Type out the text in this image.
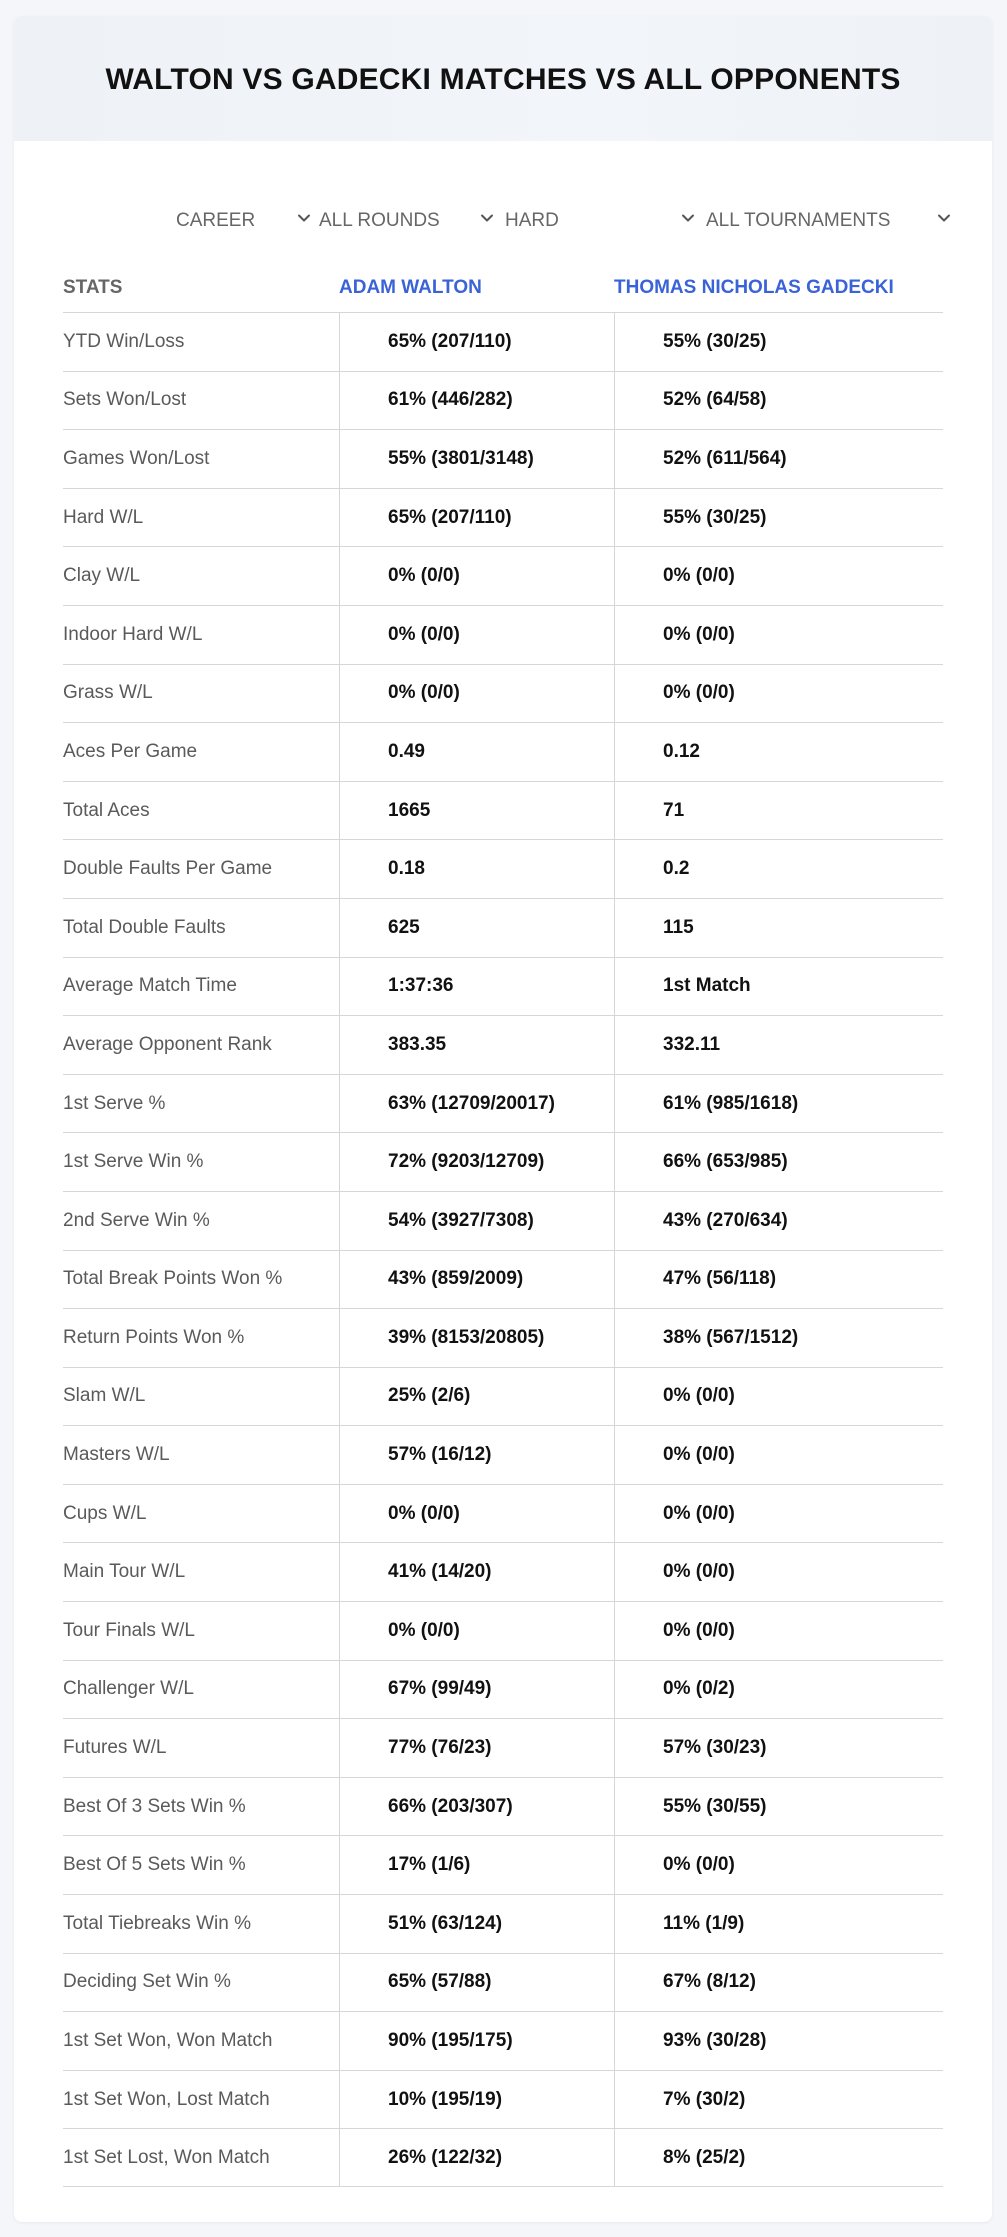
WALTON VS GADECKI MATCHES VS ALL OPPONENTS
CAREER	ALL ROUNDS	HARD	ALL TOURNAMENTS
STATS	ADAM WALTON	THOMAS NICHOLAS GADECKI
YTD Win/Loss	65% (207/110)	55% (30/25)
Sets Won/Lost	61% (446/282)	52% (64/58)
Games Won/Lost	55% (3801/3148)	52% (611/564)
Hard W/L	65% (207/110)	55% (30/25)
Clay W/L	0% (0/0)	0% (0/0)
Indoor Hard W/L	0% (0/0)	0% (0/0)
Grass W/L	0% (0/0)	0% (0/0)
Aces Per Game	0.49	0.12
Total Aces	1665	71
Double Faults Per Game	0.18	0.2
Total Double Faults	625	115
Average Match Time	1:37:36	1st Match
Average Opponent Rank	383.35	332.11
1st Serve %	63% (12709/20017)	61% (985/1618)
1st Serve Win %	72% (9203/12709)	66% (653/985)
2nd Serve Win %	54% (3927/7308)	43% (270/634)
Total Break Points Won %	43% (859/2009)	47% (56/118)
Return Points Won %	39% (8153/20805)	38% (567/1512)
Slam W/L	25% (2/6)	0% (0/0)
Masters W/L	57% (16/12)	0% (0/0)
Cups W/L	0% (0/0)	0% (0/0)
Main Tour W/L	41% (14/20)	0% (0/0)
Tour Finals W/L	0% (0/0)	0% (0/0)
Challenger W/L	67% (99/49)	0% (0/2)
Futures W/L	77% (76/23)	57% (30/23)
Best Of 3 Sets Win %	66% (203/307)	55% (30/55)
Best Of 5 Sets Win %	17% (1/6)	0% (0/0)
Total Tiebreaks Win %	51% (63/124)	11% (1/9)
Deciding Set Win %	65% (57/88)	67% (8/12)
1st Set Won, Won Match	90% (195/175)	93% (30/28)
1st Set Won, Lost Match	10% (195/19)	7% (30/2)
1st Set Lost, Won Match	26% (122/32)	8% (25/2)
